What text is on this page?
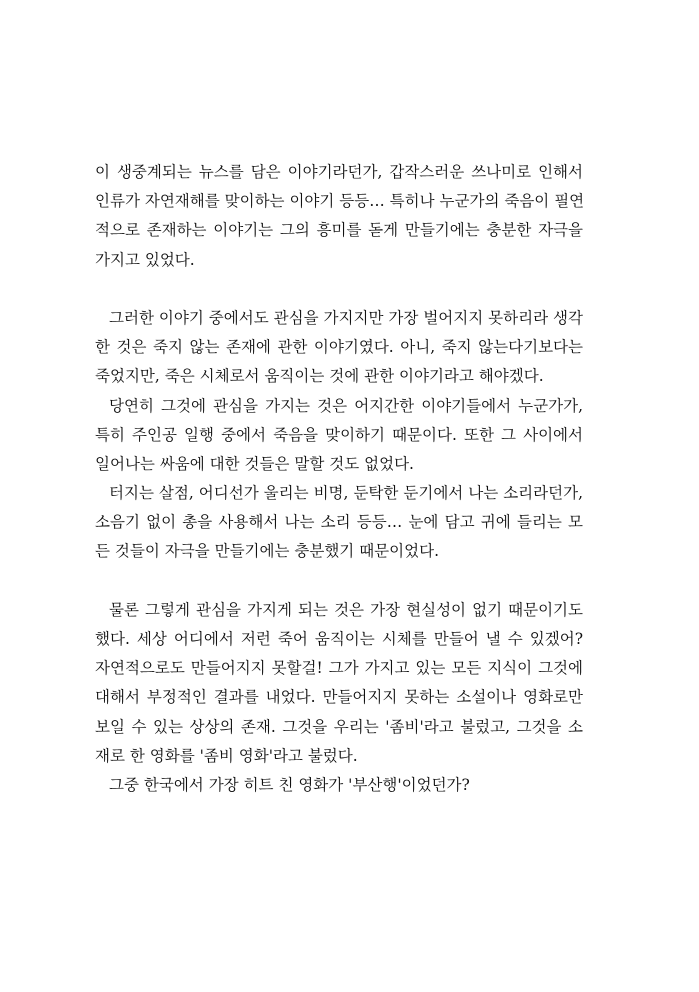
이 생중계되는 뉴스를 담은 이야기라던가, 갑작스러운 쓰나미로 인해서
인류가 자연재해를 맞이하는 이야기 등등… 특히나 누군가의 죽음이 필연
적으로 존재하는 이야기는 그의 흥미를 돋게 만들기에는 충분한 자극을
가지고 있었다.
그러한 이야기 중에서도 관심을 가지지만 가장 벌어지지 못하리라 생각
한 것은 죽지 않는 존재에 관한 이야기였다. 아니, 죽지 않는다기보다는
죽었지만, 죽은 시체로서 움직이는 것에 관한 이야기라고 해야겠다.
당연히 그것에 관심을 가지는 것은 어지간한 이야기들에서 누군가가,
특히 주인공 일행 중에서 죽음을 맞이하기 때문이다. 또한 그 사이에서
일어나는 싸움에 대한 것들은 말할 것도 없었다.
터지는 살점, 어디선가 울리는 비명, 둔탁한 둔기에서 나는 소리라던가,
소음기 없이 총을 사용해서 나는 소리 등등… 눈에 담고 귀에 들리는 모
든 것들이 자극을 만들기에는 충분했기 때문이었다.
물론 그렇게 관심을 가지게 되는 것은 가장 현실성이 없기 때문이기도
했다. 세상 어디에서 저런 죽어 움직이는 시체를 만들어 낼 수 있겠어?
자연적으로도 만들어지지 못할걸! 그가 가지고 있는 모든 지식이 그것에
대해서 부정적인 결과를 내었다. 만들어지지 못하는 소설이나 영화로만
보일 수 있는 상상의 존재. 그것을 우리는 '좀비'라고 불렀고, 그것을 소
재로 한 영화를 '좀비 영화'라고 불렀다.
그중 한국에서 가장 히트 친 영화가 '부산행'이었던가?
